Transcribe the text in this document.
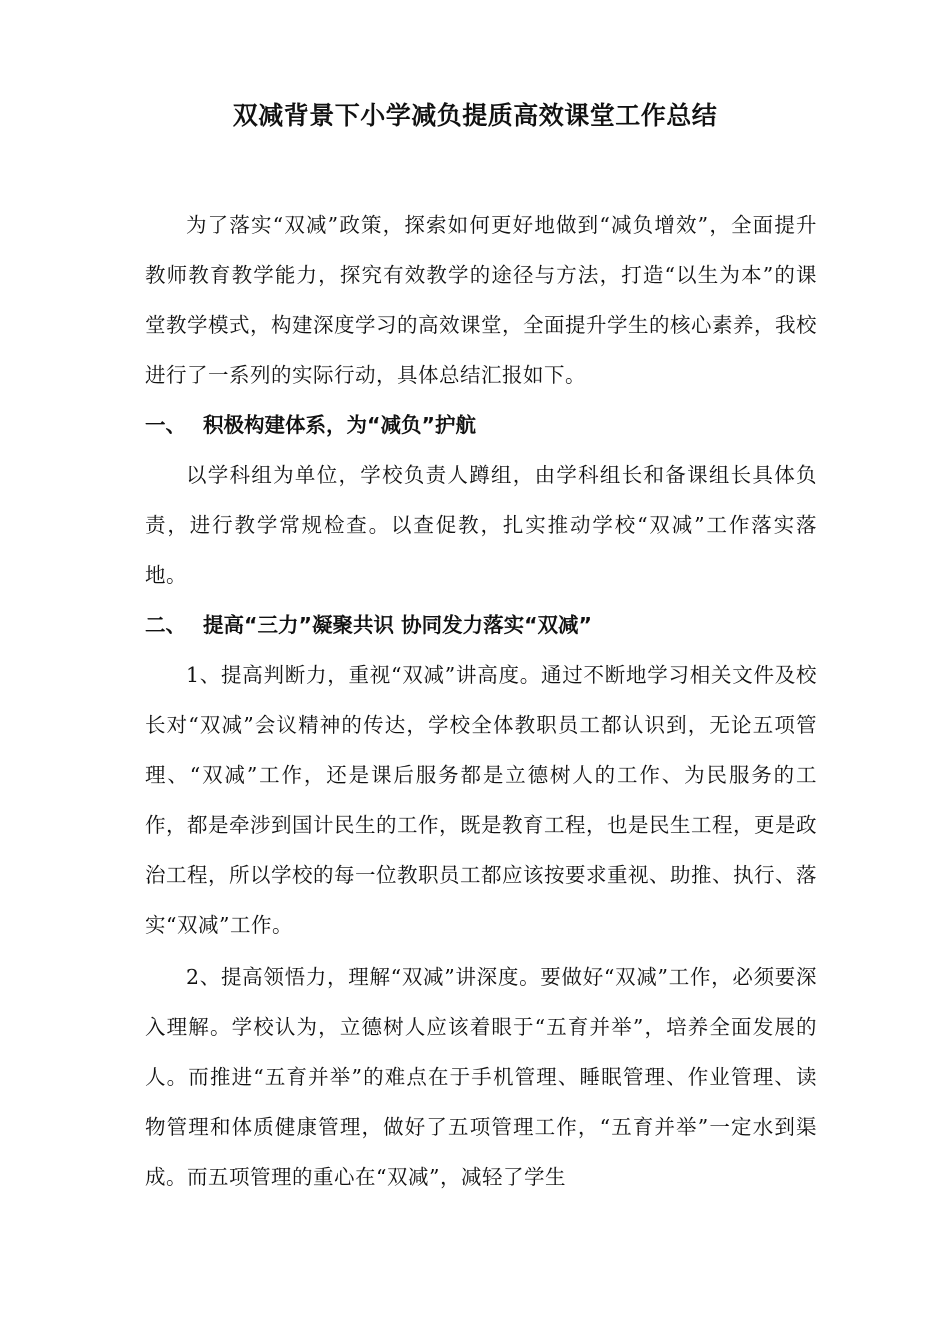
双减背景下小学减负提质高效课堂工作总结

为了落实“双减”政策，探索如何更好地做到“减负增效”，全面提升教师教育教学能力，探究有效教学的途径与方法，打造“以生为本”的课堂教学模式，构建深度学习的高效课堂，全面提升学生的核心素养，我校进行了一系列的实际行动，具体总结汇报如下。

一、 积极构建体系，为“减负”护航

以学科组为单位，学校负责人蹲组，由学科组长和备课组长具体负责，进行教学常规检查。以查促教，扎实推动学校“双减”工作落实落地。

二、 提高“三力”凝聚共识 协同发力落实“双减”

1、提高判断力，重视“双减”讲高度。通过不断地学习相关文件及校长对“双减”会议精神的传达，学校全体教职员工都认识到，无论五项管理、“双减”工作，还是课后服务都是立德树人的工作、为民服务的工作，都是牵涉到国计民生的工作，既是教育工程，也是民生工程，更是政治工程，所以学校的每一位教职员工都应该按要求重视、助推、执行、落实“双减”工作。

2、提高领悟力，理解“双减”讲深度。要做好“双减”工作，必须要深入理解。学校认为，立德树人应该着眼于“五育并举”，培养全面发展的人。而推进“五育并举”的难点在于手机管理、睡眠管理、作业管理、读物管理和体质健康管理，做好了五项管理工作，“五育并举”一定水到渠成。而五项管理的重心在“双减”，减轻了学生
